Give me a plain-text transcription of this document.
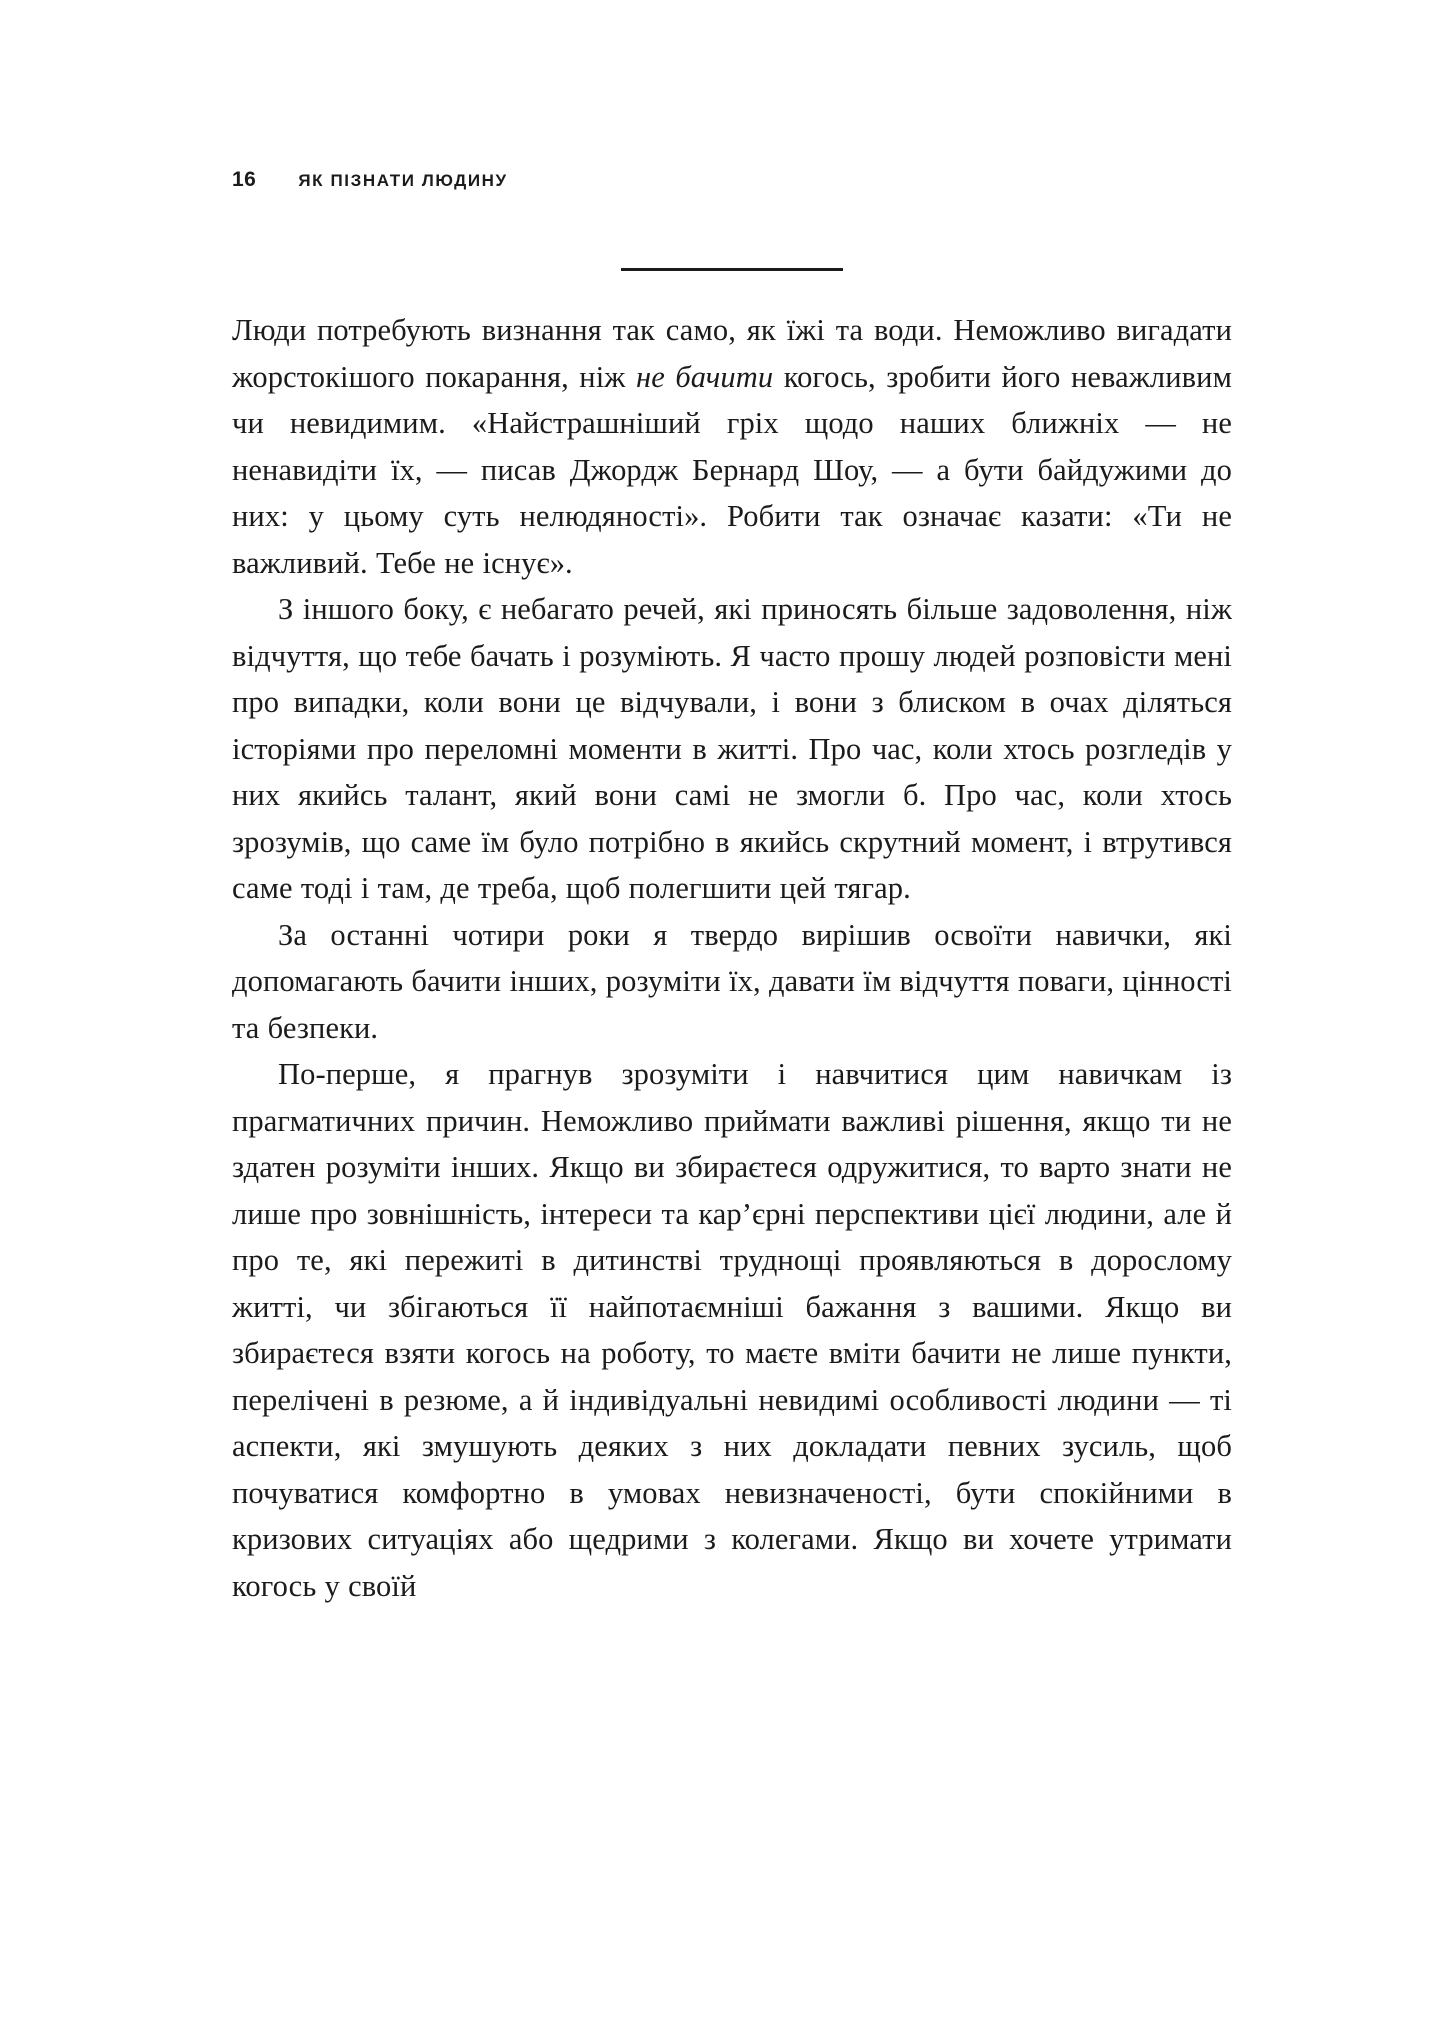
16 ЯК ПІЗНАТИ ЛЮДИНУ

Люди потребують визнання так само, як їжі та води. Неможливо вигадати жорстокішого покарання, ніж не бачити когось, зробити його неважливим чи невидимим. «Найстрашніший гріх щодо наших ближніх — не ненавидіти їх, — писав Джордж Бернард Шоу, — а бути байдужими до них: у цьому суть нелюдяності». Робити так означає казати: «Ти не важливий. Тебе не існує».

З іншого боку, є небагато речей, які приносять більше задоволення, ніж відчуття, що тебе бачать і розуміють. Я часто прошу людей розповісти мені про випадки, коли вони це відчували, і вони з блиском в очах діляться історіями про переломні моменти в житті. Про час, коли хтось розгледів у них якийсь талант, який вони самі не змогли б. Про час, коли хтось зрозумів, що саме їм було потрібно в якийсь скрутний момент, і втрутився саме тоді і там, де треба, щоб полегшити цей тягар.

За останні чотири роки я твердо вирішив освоїти навички, які допомагають бачити інших, розуміти їх, давати їм відчуття поваги, цінності та безпеки.

По-перше, я прагнув зрозуміти і навчитися цим навичкам із прагматичних причин. Неможливо приймати важливі рішення, якщо ти не здатен розуміти інших. Якщо ви збираєтеся одружитися, то варто знати не лише про зовнішність, інтереси та кар’єрні перспективи цієї людини, але й про те, які пережиті в дитинстві труднощі проявляються в дорослому житті, чи збігаються її найпотаємніші бажання з вашими. Якщо ви збираєтеся взяти когось на роботу, то маєте вміти бачити не лише пункти, перелічені в резюме, а й індивідуальні невидимі особливості людини — ті аспекти, які змушують деяких з них докладати певних зусиль, щоб почуватися комфортно в умовах невизначеності, бути спокійними в кризових ситуаціях або щедрими з колегами. Якщо ви хочете утримати когось у своїй
